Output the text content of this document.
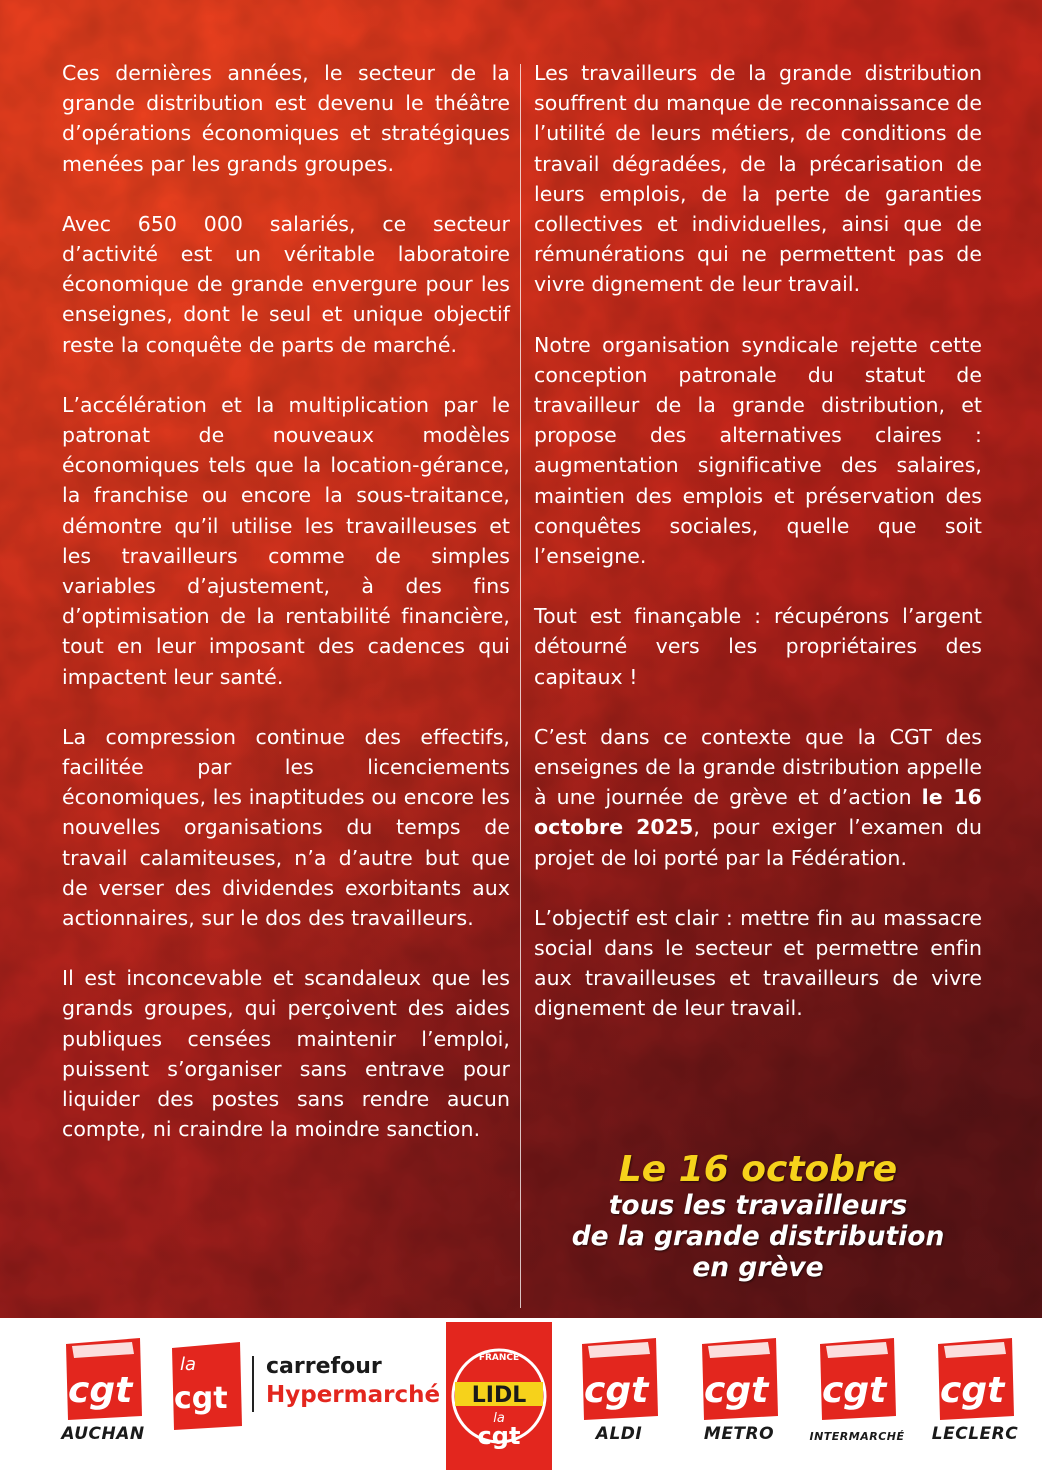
Ces dernières années, le secteur de la grande distribution est devenu le théâtre d’opérations économiques et stratégiques menées par les grands groupes.

Avec 650 000 salariés, ce secteur d’activité est un véritable laboratoire économique de grande envergure pour les enseignes, dont le seul et unique objectif reste la conquête de parts de marché.

L’accélération et la multiplication par le patronat de nouveaux modèles économiques tels que la location-gérance, la franchise ou encore la sous-traitance, démontre qu’il utilise les travailleuses et les travailleurs comme de simples variables d’ajustement, à des fins d’optimisation de la rentabilité financière, tout en leur imposant des cadences qui impactent leur santé.

La compression continue des effectifs, facilitée par les licenciements économiques, les inaptitudes ou encore les nouvelles organisations du temps de travail calamiteuses, n’a d’autre but que de verser des dividendes exorbitants aux actionnaires, sur le dos des travailleurs.

Il est inconcevable et scandaleux que les grands groupes, qui perçoivent des aides publiques censées maintenir l’emploi, puissent s’organiser sans entrave pour liquider des postes sans rendre aucun compte, ni craindre la moindre sanction.

Les travailleurs de la grande distribution souffrent du manque de reconnaissance de l’utilité de leurs métiers, de conditions de travail dégradées, de la précarisation de leurs emplois, de la perte de garanties collectives et individuelles, ainsi que de rémunérations qui ne permettent pas de vivre dignement de leur travail.

Notre organisation syndicale rejette cette conception patronale du statut de travailleur de la grande distribution, et propose des alternatives claires : augmentation significative des salaires, maintien des emplois et préservation des conquêtes sociales, quelle que soit l’enseigne.

Tout est finançable : récupérons l’argent détourné vers les propriétaires des capitaux !

C’est dans ce contexte que la CGT des enseignes de la grande distribution appelle à une journée de grève et d’action le 16 octobre 2025, pour exiger l’examen du projet de loi porté par la Fédération.

L’objectif est clair : mettre fin au massacre social dans le secteur et permettre enfin aux travailleuses et travailleurs de vivre dignement de leur travail.

Le 16 octobre
tous les travailleurs
de la grande distribution
en grève
cgt
AUCHAN
la
cgt
carrefour
Hypermarché
FRANCE
LIDL
la
cgt
cgt
ALDI
cgt
METRO
cgt
INTERMARCHÉ
cgt
LECLERC
